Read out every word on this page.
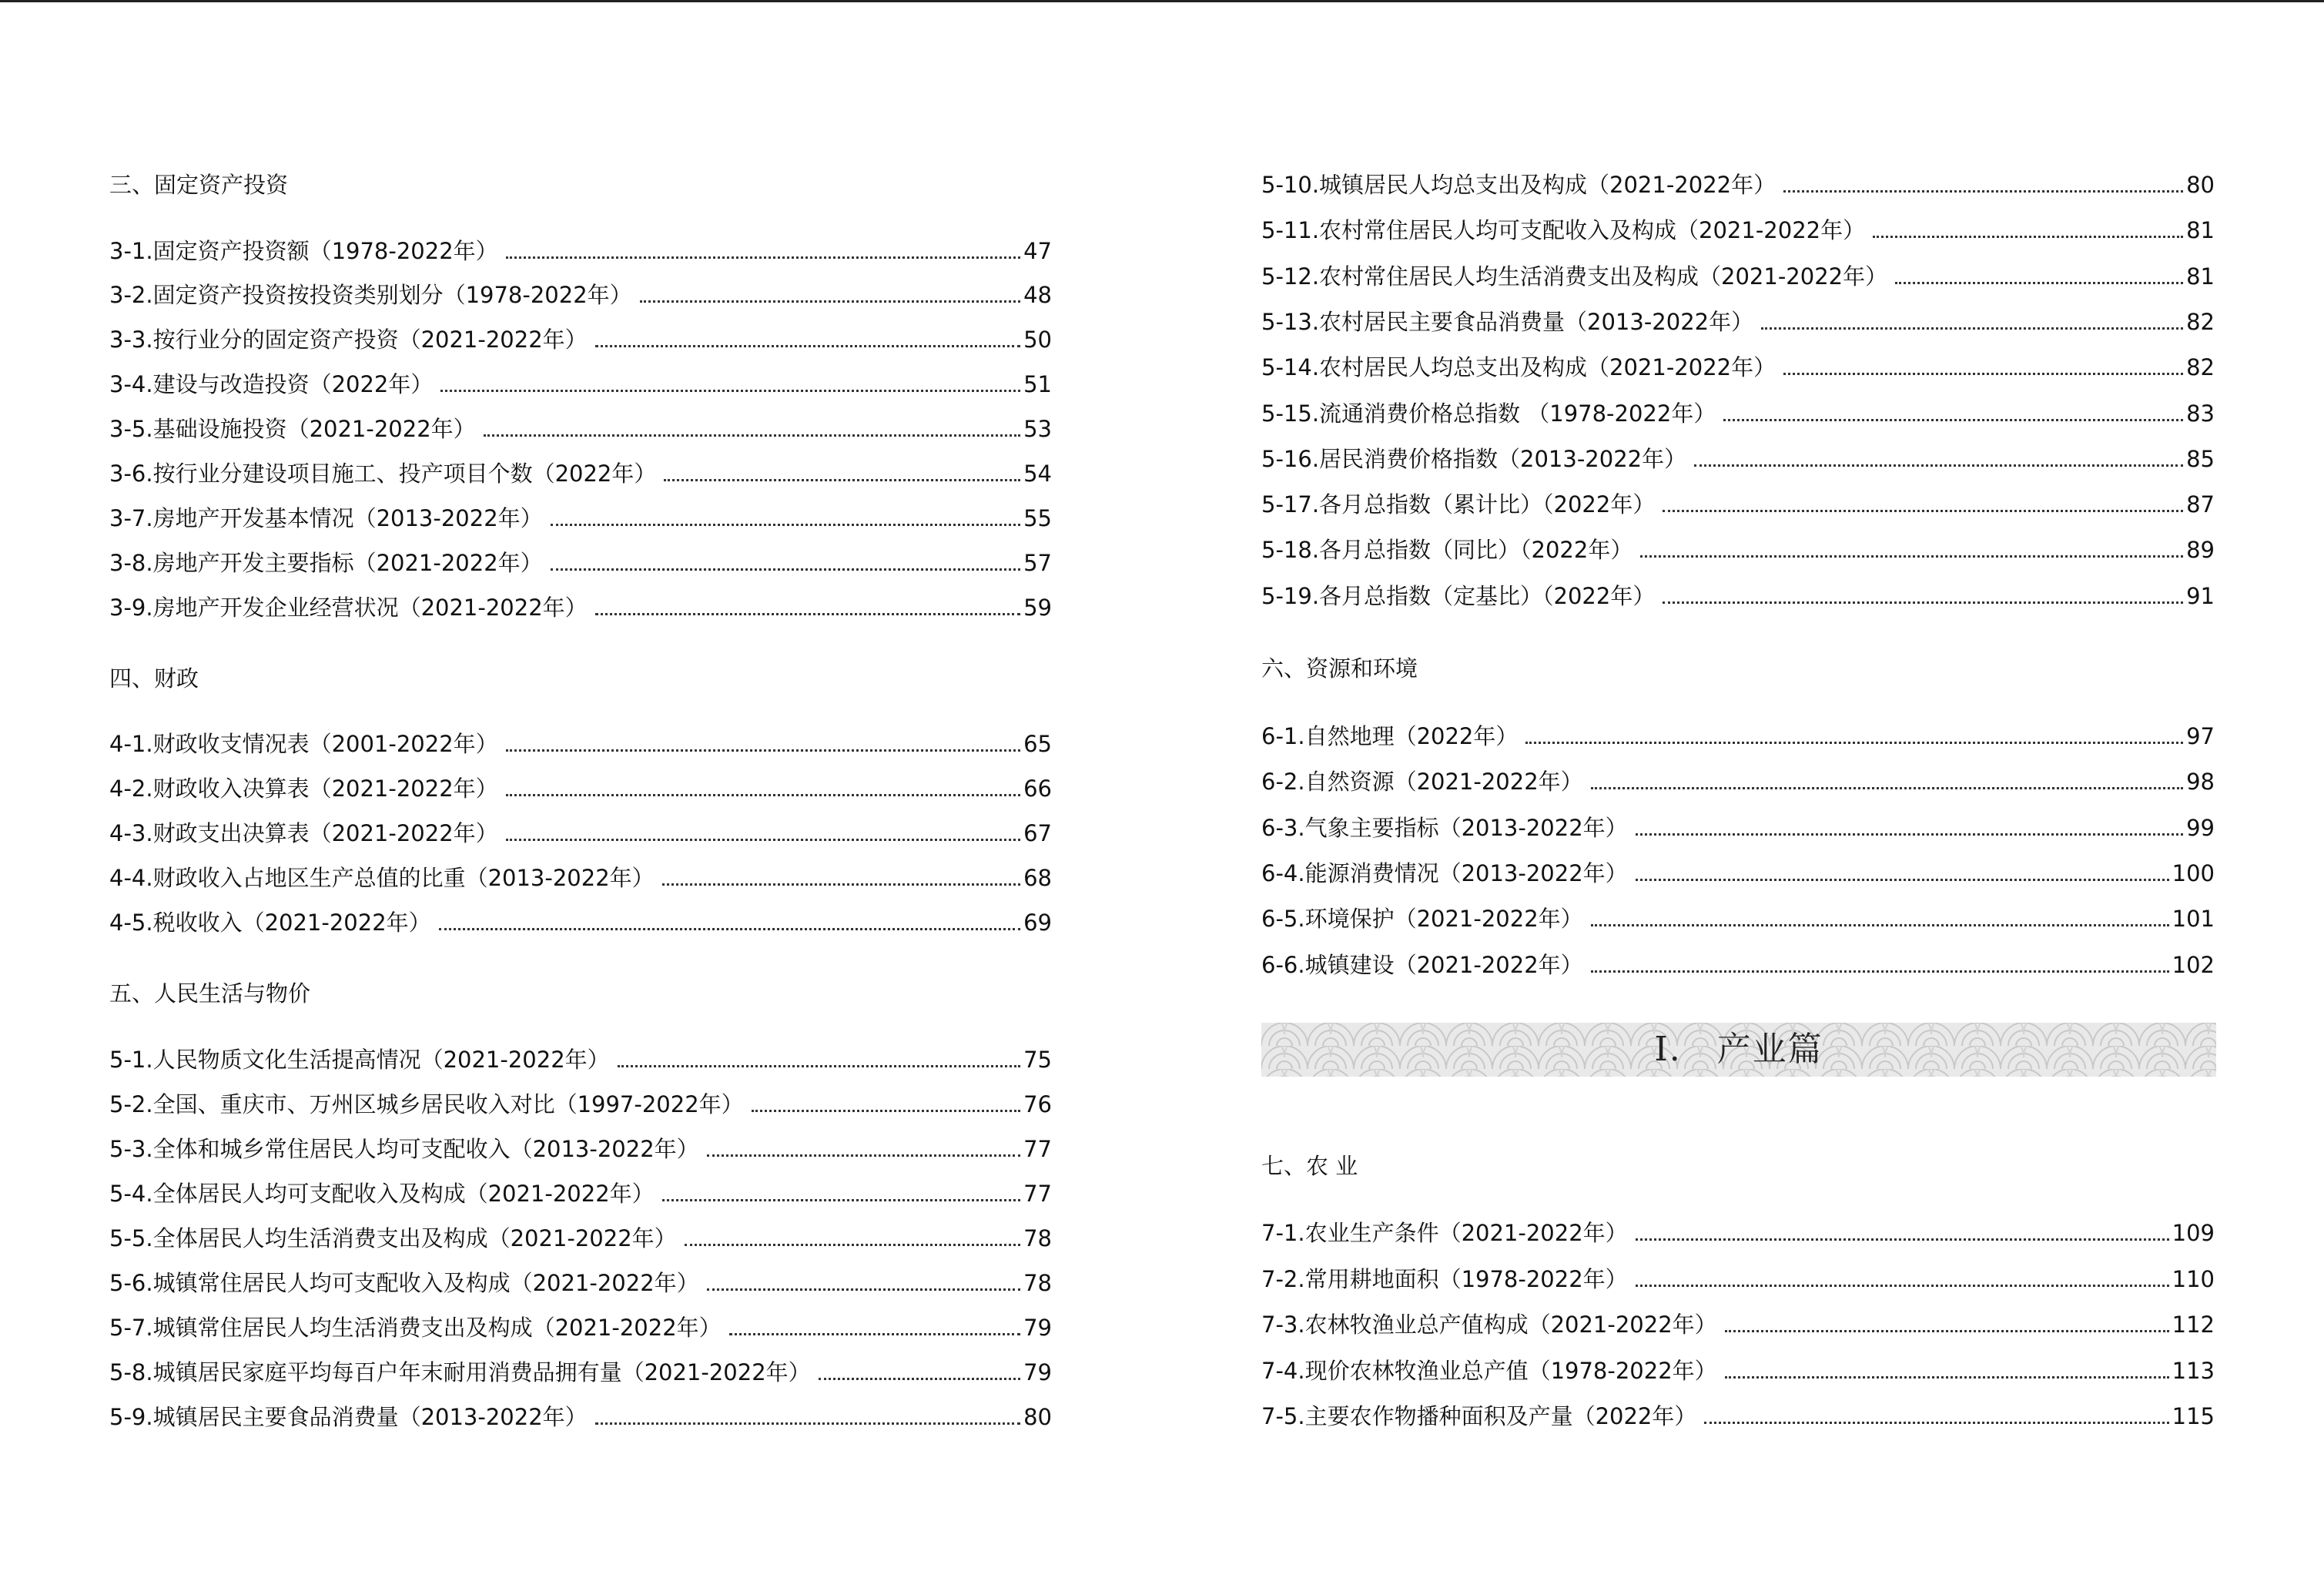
三、固定资产投资
3-1.固定资产投资额（1978-2022年）	47
3-2.固定资产投资按投资类别划分（1978-2022年）	48
3-3.按行业分的固定资产投资（2021-2022年）	50
3-4.建设与改造投资（2022年）	51
3-5.基础设施投资（2021-2022年）	53
3-6.按行业分建设项目施工、投产项目个数（2022年）	54
3-7.房地产开发基本情况（2013-2022年）	55
3-8.房地产开发主要指标（2021-2022年）	57
3-9.房地产开发企业经营状况（2021-2022年）	59
四、财政
4-1.财政收支情况表（2001-2022年）	65
4-2.财政收入决算表（2021-2022年）	66
4-3.财政支出决算表（2021-2022年）	67
4-4.财政收入占地区生产总值的比重（2013-2022年）	68
4-5.税收收入（2021-2022年）	69
五、人民生活与物价
5-1.人民物质文化生活提高情况（2021-2022年）	75
5-2.全国、重庆市、万州区城乡居民收入对比（1997-2022年）	76
5-3.全体和城乡常住居民人均可支配收入（2013-2022年）	77
5-4.全体居民人均可支配收入及构成（2021-2022年）	77
5-5.全体居民人均生活消费支出及构成（2021-2022年）	78
5-6.城镇常住居民人均可支配收入及构成（2021-2022年）	78
5-7.城镇常住居民人均生活消费支出及构成（2021-2022年）	79
5-8.城镇居民家庭平均每百户年末耐用消费品拥有量（2021-2022年）	79
5-9.城镇居民主要食品消费量（2013-2022年）	80
5-10.城镇居民人均总支出及构成（2021-2022年）	80
5-11.农村常住居民人均可支配收入及构成（2021-2022年）	81
5-12.农村常住居民人均生活消费支出及构成（2021-2022年）	81
5-13.农村居民主要食品消费量（2013-2022年）	82
5-14.农村居民人均总支出及构成（2021-2022年）	82
5-15.流通消费价格总指数 （1978-2022年）	83
5-16.居民消费价格指数（2013-2022年）	85
5-17.各月总指数（累计比）（2022年）	87
5-18.各月总指数（同比）（2022年）	89
5-19.各月总指数（定基比）（2022年）	91
六、资源和环境
6-1.自然地理（2022年）	97
6-2.自然资源（2021-2022年）	98
6-3.气象主要指标（2013-2022年）	99
6-4.能源消费情况（2013-2022年）	100
6-5.环境保护（2021-2022年）	101
6-6.城镇建设（2021-2022年）	102
Ⅰ.　产业篇
七、农 业
7-1.农业生产条件（2021-2022年）	109
7-2.常用耕地面积（1978-2022年）	110
7-3.农林牧渔业总产值构成（2021-2022年）	112
7-4.现价农林牧渔业总产值（1978-2022年）	113
7-5.主要农作物播种面积及产量（2022年）	115
